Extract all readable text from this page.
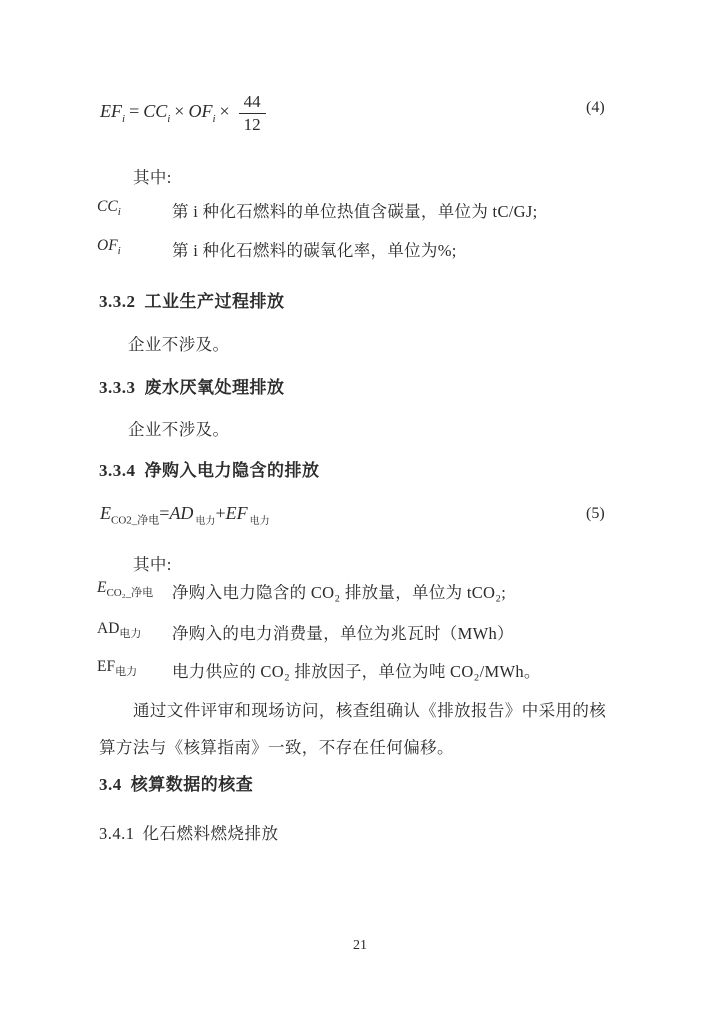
$EF_i = CC_i \times OF_i \times \frac{44}{12}$	(4)
其中:
$CC_i$	第 i 种化石燃料的单位热值含碳量，单位为 tC/GJ;
$OF_i$	第 i 种化石燃料的碳氧化率，单位为%;
3.3.2 工业生产过程排放
企业不涉及。
3.3.3 废水厌氧处理排放
企业不涉及。
3.3.4 净购入电力隐含的排放
$E_{CO2\_净电}=AD$ $_{电力}$+EF $_{电力}$	(5)
其中:
$E_{CO_2\_净电}$ 净购入电力隐含的 CO₂ 排放量，单位为 tCO₂;
$AD_{电力}$ 净购入的电力消费量，单位为兆瓦时（MWh）
$EF_{电力}$ 电力供应的 CO₂ 排放因子，单位为吨 CO₂/MWh。
通过文件评审和现场访问，核查组确认《排放报告》中采用的核
算方法与《核算指南》一致，不存在任何偏移。
3.4 核算数据的核查
3.4.1 化石燃料燃烧排放
21
